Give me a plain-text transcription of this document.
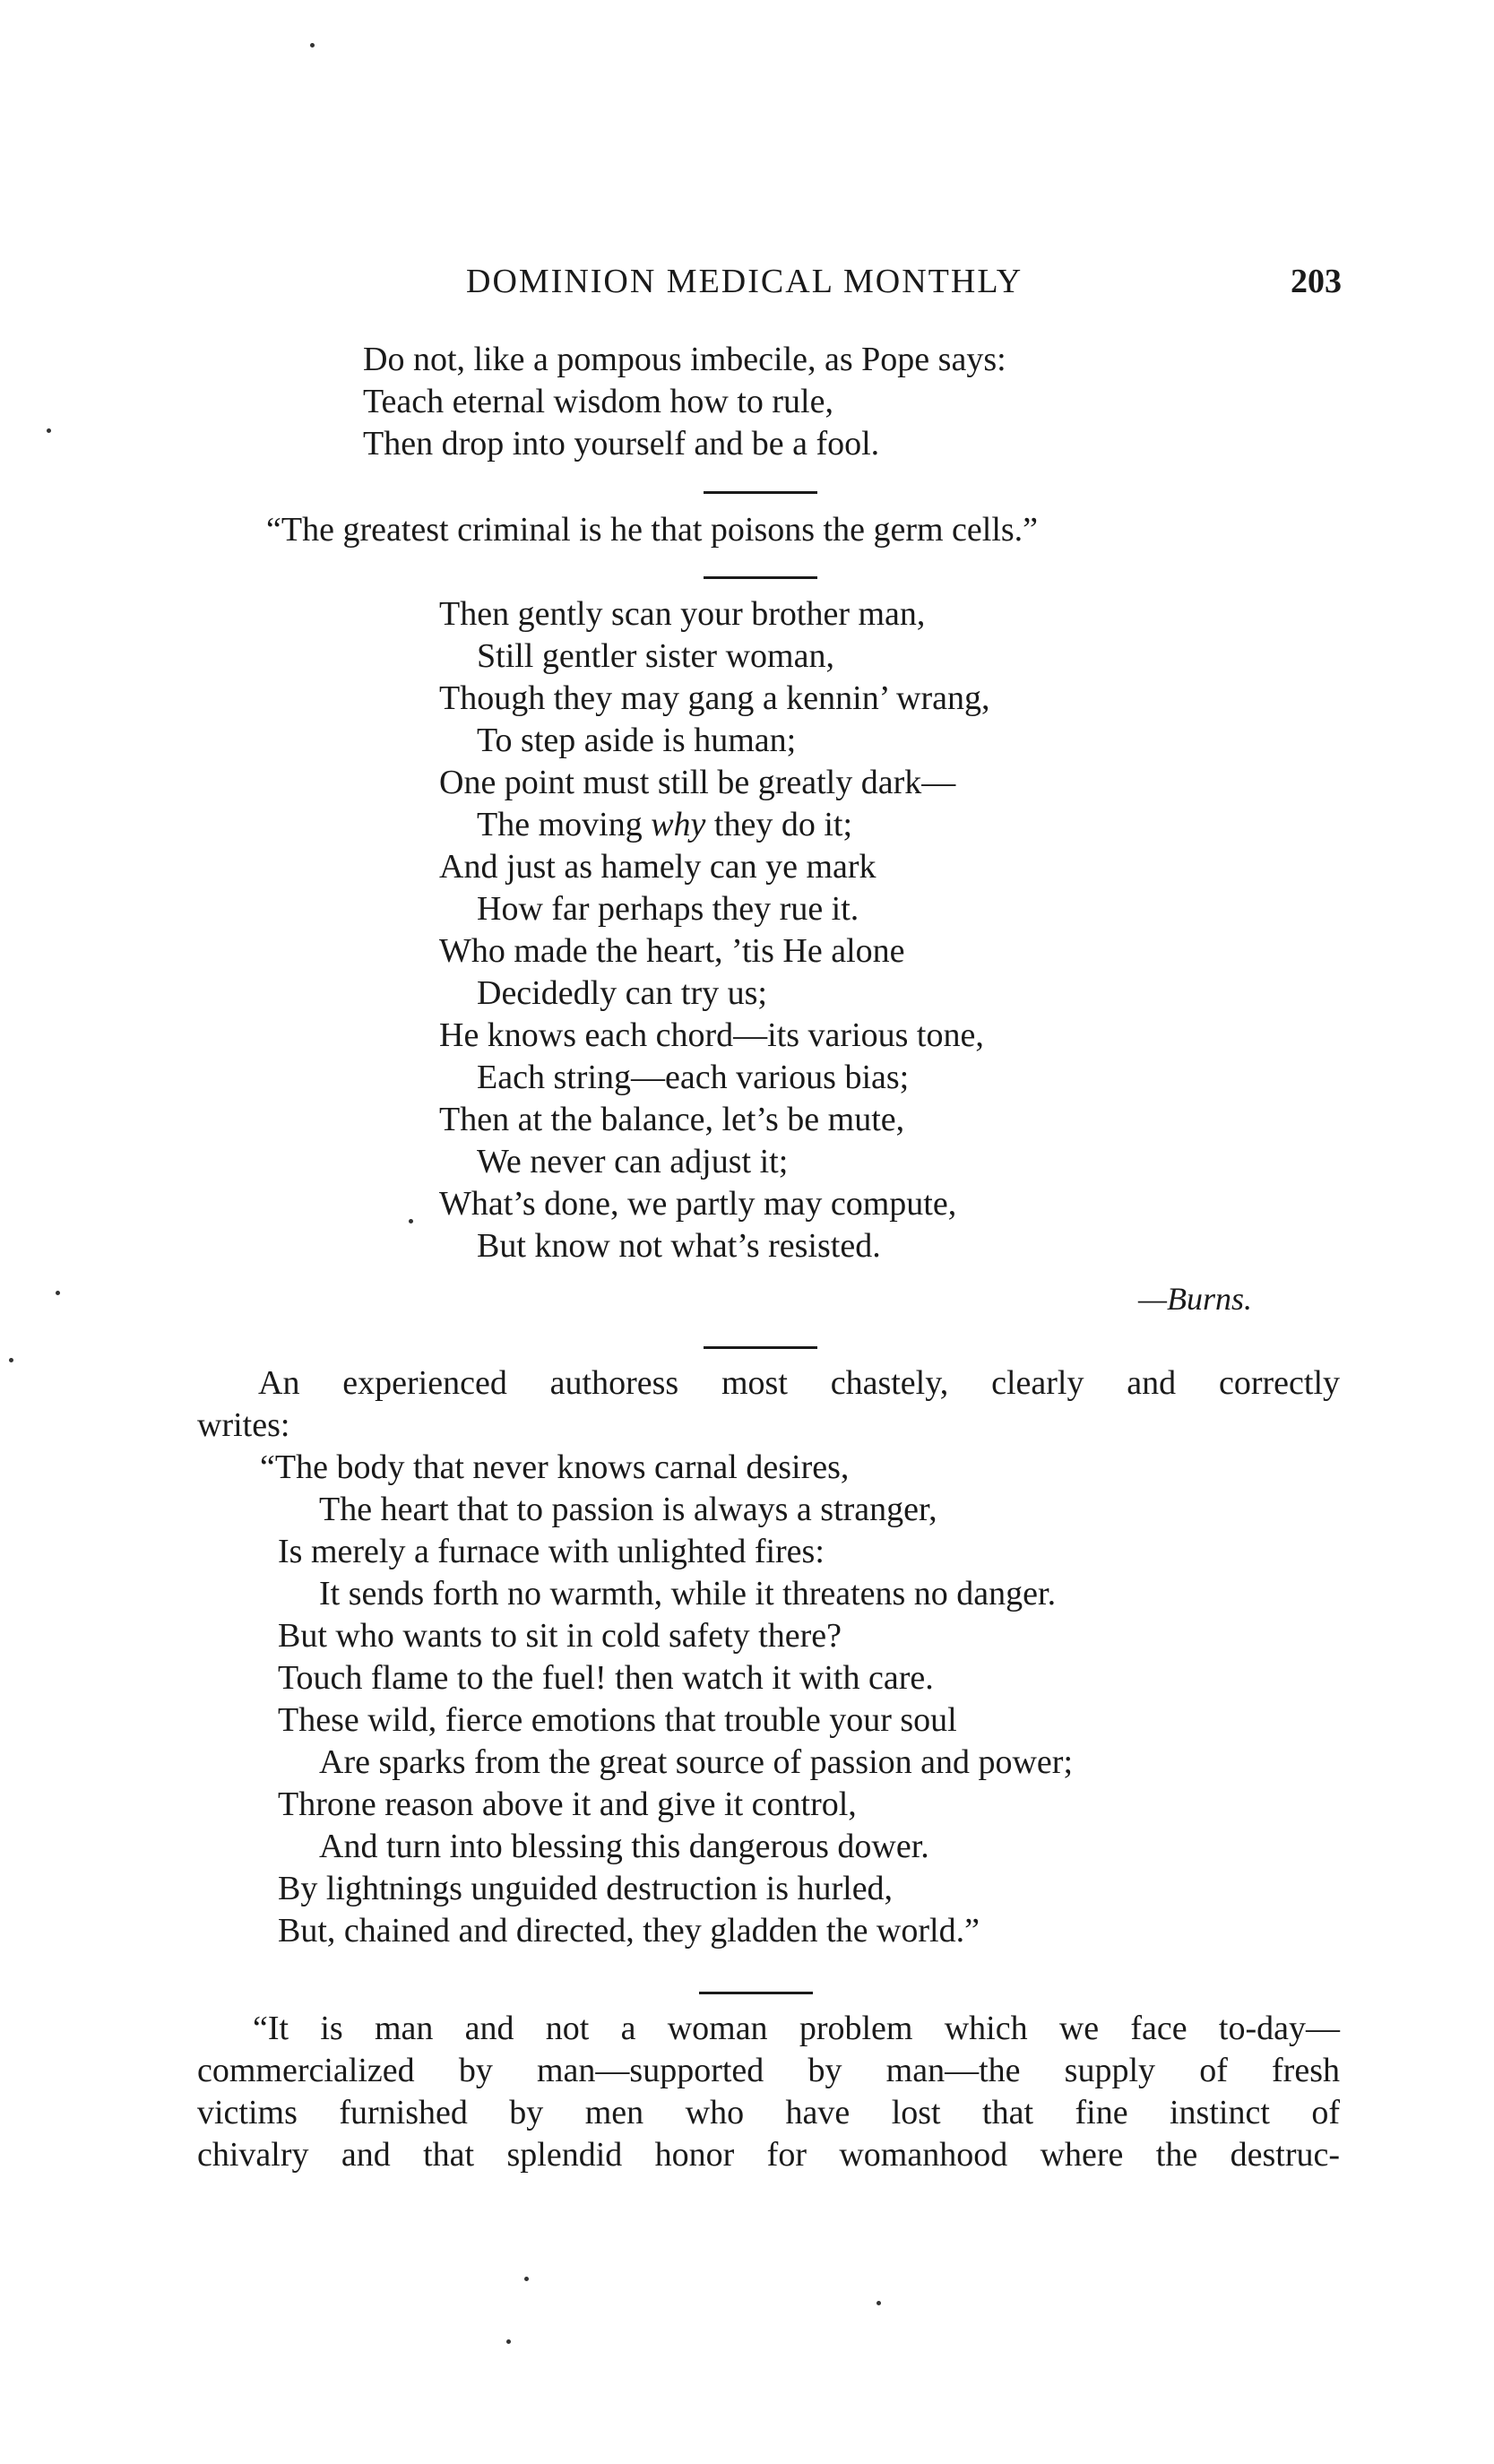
DOMINION MEDICAL MONTHLY	203
Do not, like a pompous imbecile, as Pope says:
Teach eternal wisdom how to rule,
Then drop into yourself and be a fool.
“The greatest criminal is he that poisons the germ cells.”
Then gently scan your brother man,
Still gentler sister woman,
Though they may gang a kennin’ wrang,
To step aside is human;
One point must still be greatly dark—
The moving why they do it;
And just as hamely can ye mark
How far perhaps they rue it.
Who made the heart, ’tis He alone
Decidedly can try us;
He knows each chord—its various tone,
Each string—each various bias;
Then at the balance, let’s be mute,
We never can adjust it;
What’s done, we partly may compute,
But know not what’s resisted.
—Burns.
An experienced authoress most chastely, clearly and correctly
writes:
“The body that never knows carnal desires,
The heart that to passion is always a stranger,
Is merely a furnace with unlighted fires:
It sends forth no warmth, while it threatens no danger.
But who wants to sit in cold safety there?
Touch flame to the fuel! then watch it with care.
These wild, fierce emotions that trouble your soul
Are sparks from the great source of passion and power;
Throne reason above it and give it control,
And turn into blessing this dangerous dower.
By lightnings unguided destruction is hurled,
But, chained and directed, they gladden the world.”
“It is man and not a woman problem which we face to-day—
commercialized by man—supported by man—the supply of fresh
victims furnished by men who have lost that fine instinct of
chivalry and that splendid honor for womanhood where the destruc-
